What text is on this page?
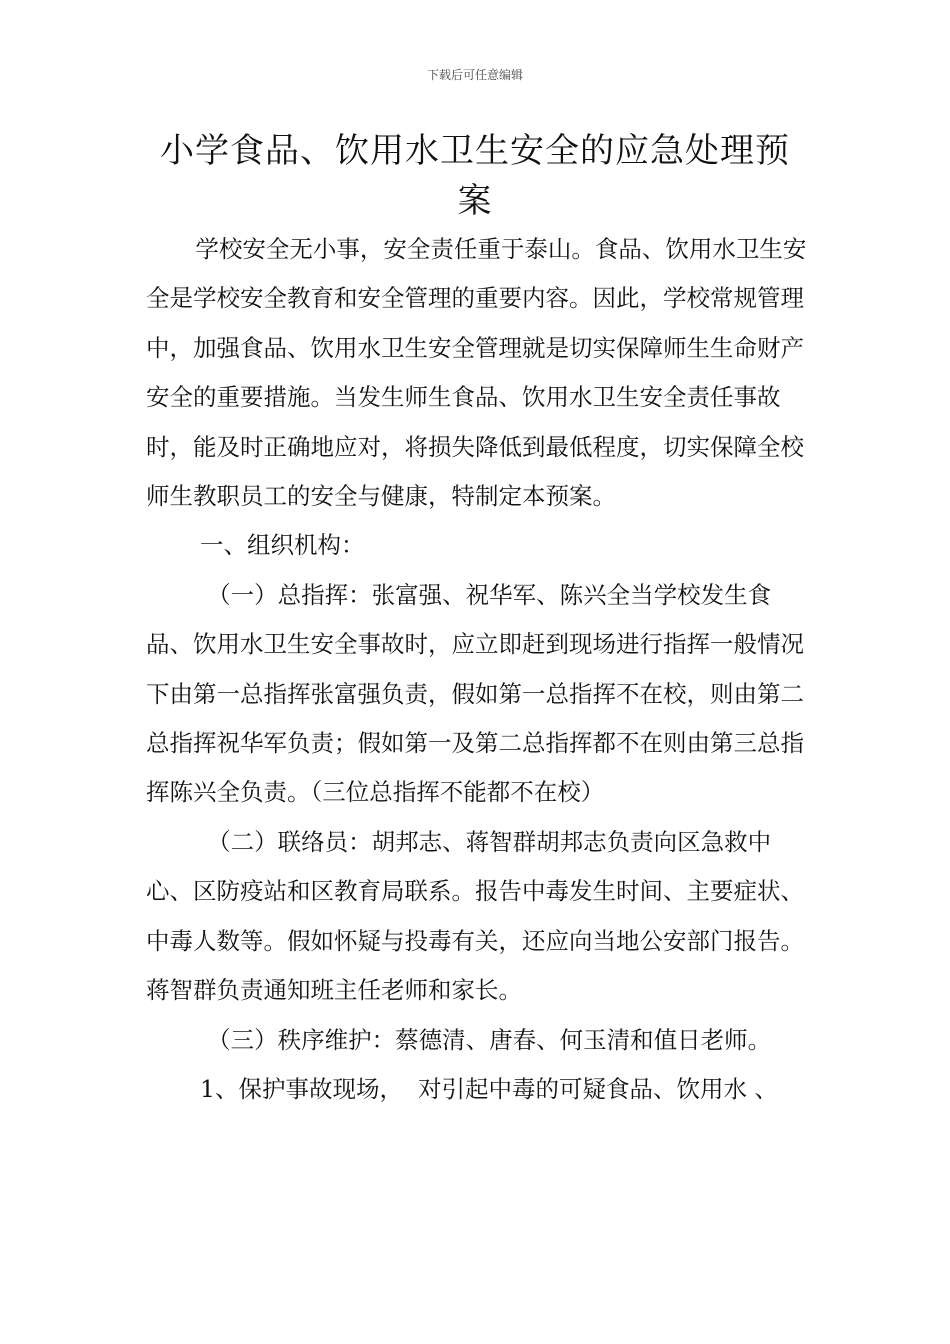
下载后可任意编辑
小学食品、饮用水卫生安全的应急处理预案

学校安全无小事，安全责任重于泰山。食品、饮用水卫生安全是学校安全教育和安全管理的重要内容。因此，学校常规管理中，加强食品、饮用水卫生安全管理就是切实保障师生生命财产安全的重要措施。当发生师生食品、饮用水卫生安全责任事故时，能及时正确地应对，将损失降低到最低程度，切实保障全校师生教职员工的安全与健康，特制定本预案。

一、组织机构：

（一）总指挥：张富强、祝华军、陈兴全当学校发生食品、饮用水卫生安全事故时，应立即赶到现场进行指挥一般情况下由第一总指挥张富强负责，假如第一总指挥不在校，则由第二总指挥祝华军负责；假如第一及第二总指挥都不在则由第三总指挥陈兴全负责。（三位总指挥不能都不在校）

（二）联络员：胡邦志、蒋智群胡邦志负责向区急救中心、区防疫站和区教育局联系。报告中毒发生时间、主要症状、中毒人数等。假如怀疑与投毒有关，还应向当地公安部门报告。蒋智群负责通知班主任老师和家长。

（三）秩序维护：蔡德清、唐春、何玉清和值日老师。

1、保护事故现场，  对引起中毒的可疑食品、饮用水 、
